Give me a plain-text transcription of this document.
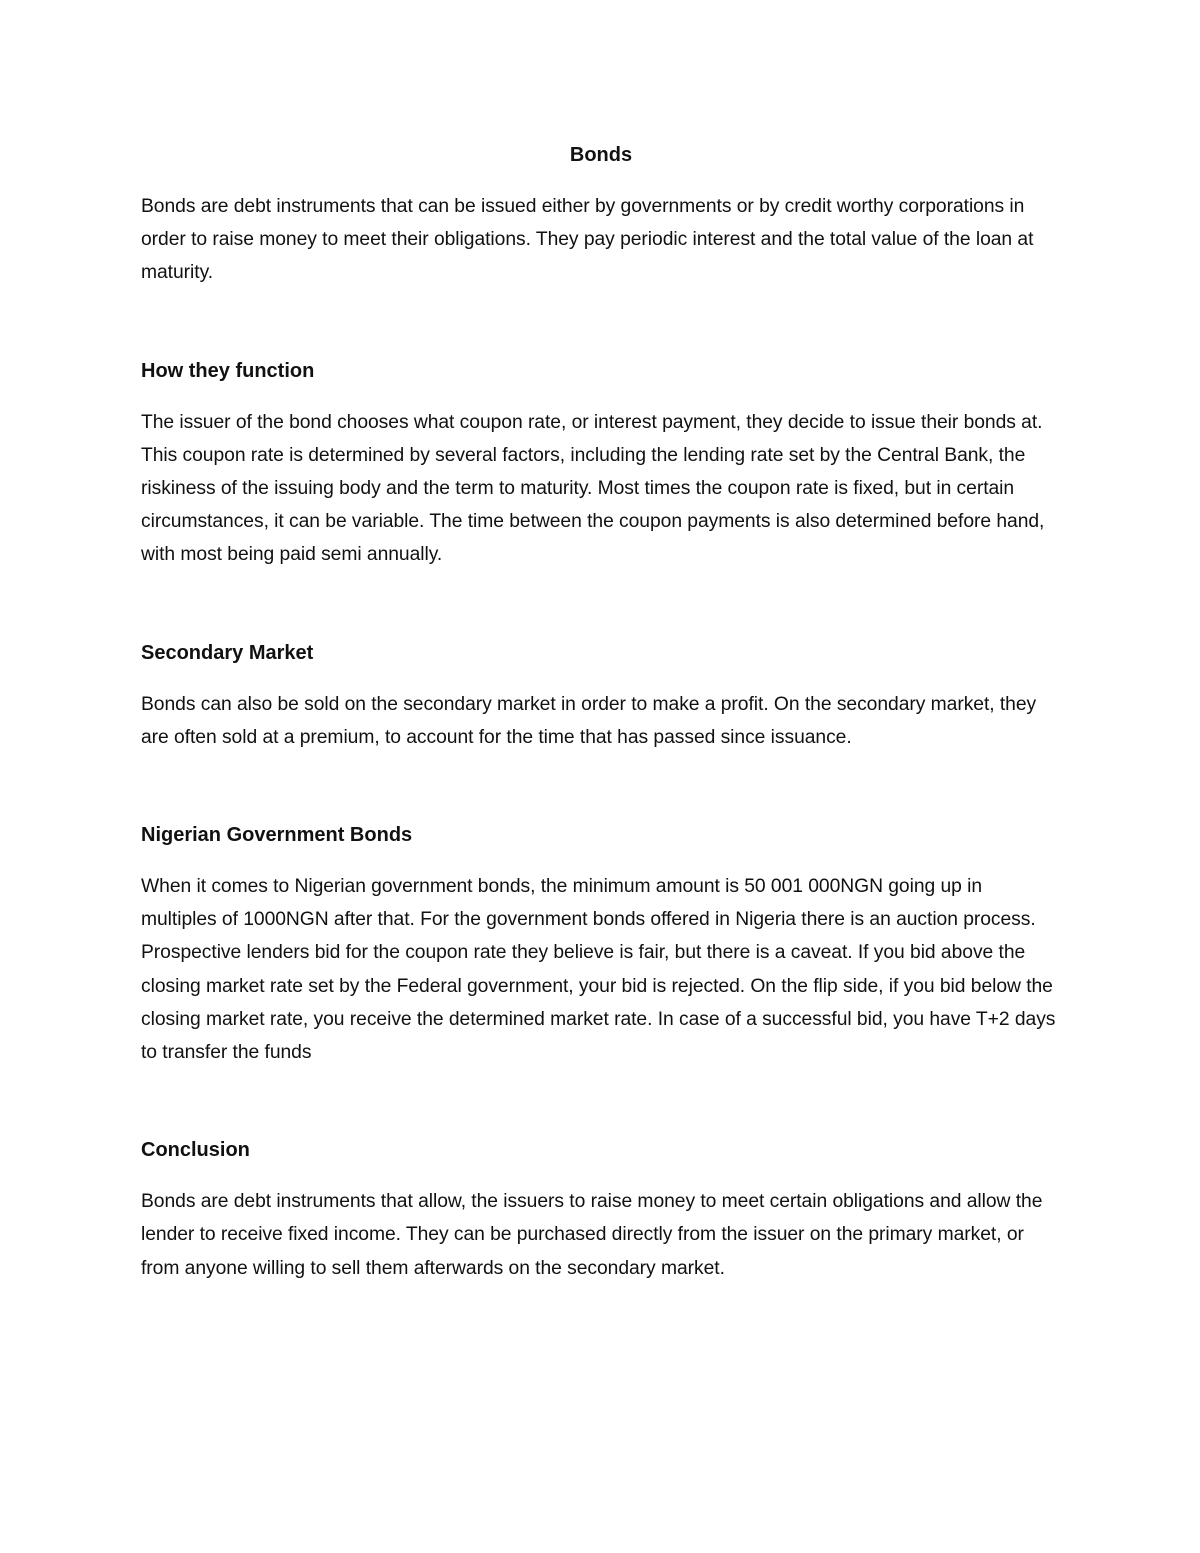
Bonds

Bonds are debt instruments that can be issued either by governments or by credit worthy corporations in order to raise money to meet their obligations. They pay periodic interest and the total value of the loan at maturity.

How they function

The issuer of the bond chooses what coupon rate, or interest payment, they decide to issue their bonds at. This coupon rate is determined by several factors, including the lending rate set by the Central Bank, the riskiness of the issuing body and the term to maturity. Most times the coupon rate is fixed, but in certain circumstances, it can be variable. The time between the coupon payments is also determined before hand, with most being paid semi annually.

Secondary Market

Bonds can also be sold on the secondary market in order to make a profit. On the secondary market, they are often sold at a premium, to account for the time that has passed since issuance.

Nigerian Government Bonds

When it comes to Nigerian government bonds, the minimum amount is 50 001 000NGN going up in multiples of 1000NGN after that. For the government bonds offered in Nigeria there is an auction process. Prospective lenders bid for the coupon rate they believe is fair, but there is a caveat. If you bid above the closing market rate set by the Federal government, your bid is rejected. On the flip side, if you bid below the closing market rate, you receive the determined market rate. In case of a successful bid, you have T+2 days to transfer the funds

Conclusion

Bonds are debt instruments that allow, the issuers to raise money to meet certain obligations and allow the lender to receive fixed income. They can be purchased directly from the issuer on the primary market, or from anyone willing to sell them afterwards on the secondary market.
